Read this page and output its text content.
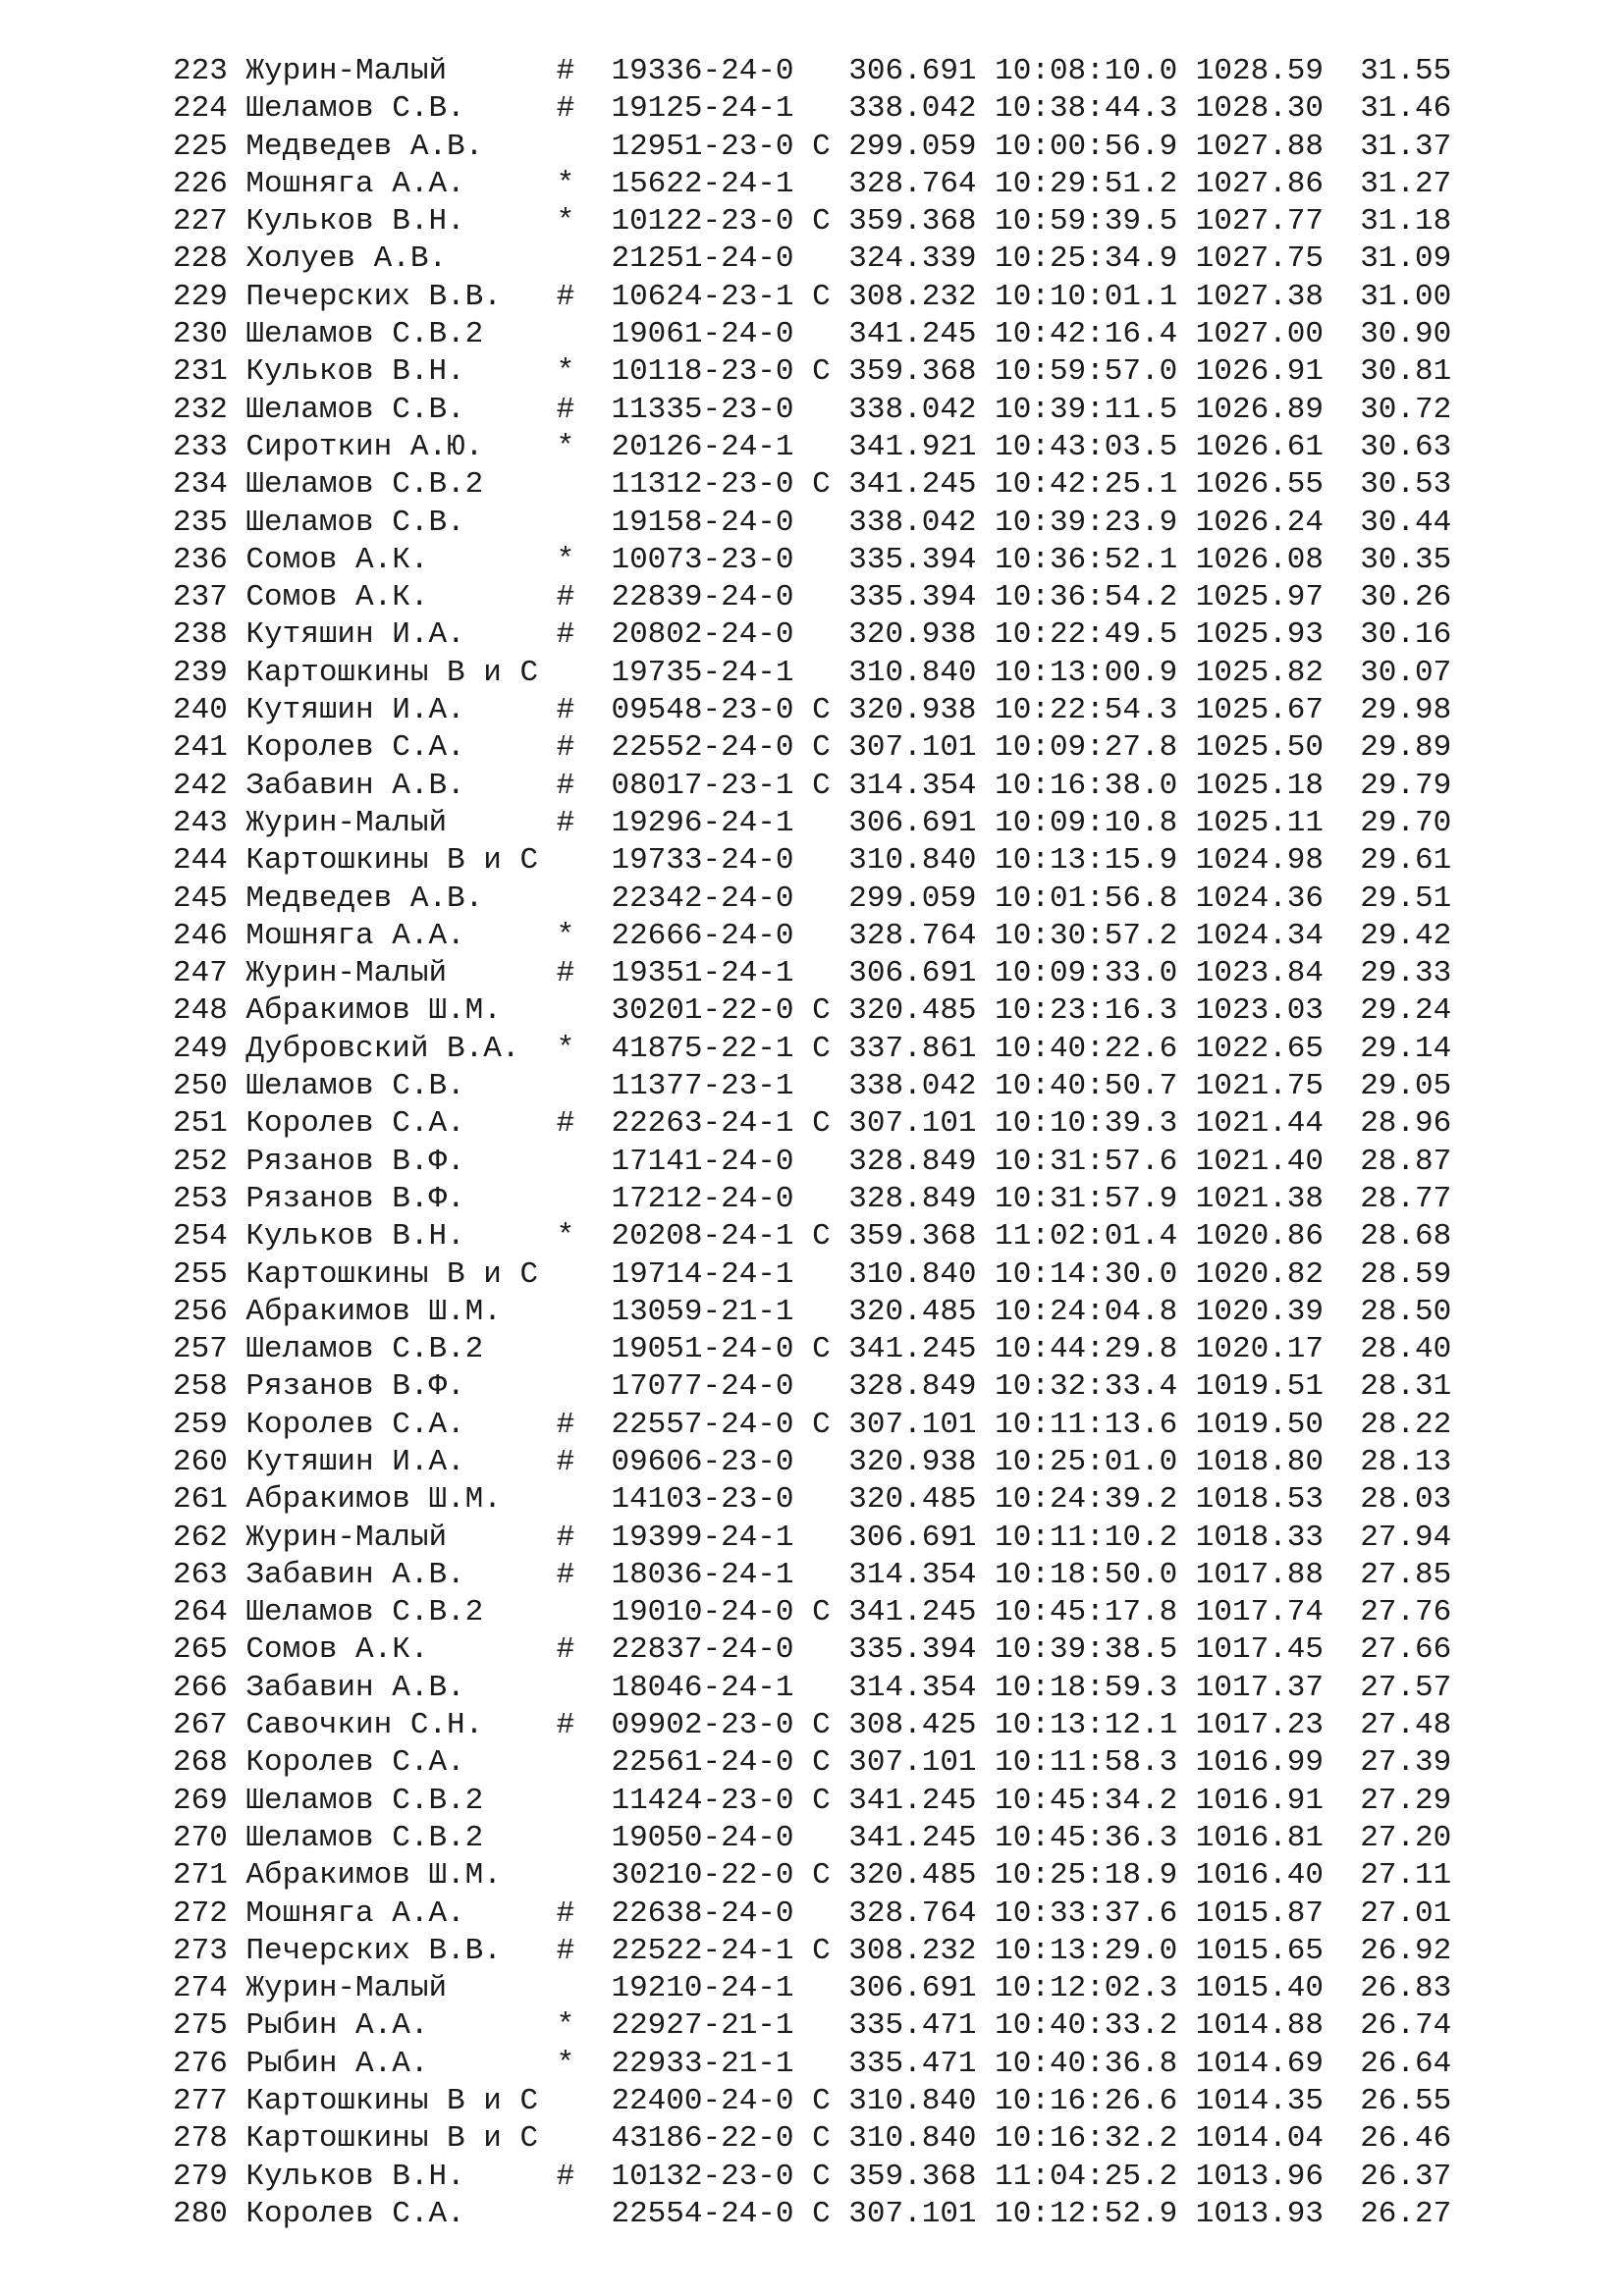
223 Журин-Малый      #  19336-24-0   306.691 10:08:10.0 1028.59  31.55
224 Шеламов С.В.     #  19125-24-1   338.042 10:38:44.3 1028.30  31.46
225 Медведев А.В.       12951-23-0 С 299.059 10:00:56.9 1027.88  31.37
226 Мошняга А.А.     *  15622-24-1   328.764 10:29:51.2 1027.86  31.27
227 Кульков В.Н.     *  10122-23-0 С 359.368 10:59:39.5 1027.77  31.18
228 Холуев А.В.         21251-24-0   324.339 10:25:34.9 1027.75  31.09
229 Печерских В.В.   #  10624-23-1 С 308.232 10:10:01.1 1027.38  31.00
230 Шеламов С.В.2       19061-24-0   341.245 10:42:16.4 1027.00  30.90
231 Кульков В.Н.     *  10118-23-0 С 359.368 10:59:57.0 1026.91  30.81
232 Шеламов С.В.     #  11335-23-0   338.042 10:39:11.5 1026.89  30.72
233 Сироткин А.Ю.    *  20126-24-1   341.921 10:43:03.5 1026.61  30.63
234 Шеламов С.В.2       11312-23-0 С 341.245 10:42:25.1 1026.55  30.53
235 Шеламов С.В.        19158-24-0   338.042 10:39:23.9 1026.24  30.44
236 Сомов А.К.       *  10073-23-0   335.394 10:36:52.1 1026.08  30.35
237 Сомов А.К.       #  22839-24-0   335.394 10:36:54.2 1025.97  30.26
238 Кутяшин И.А.     #  20802-24-0   320.938 10:22:49.5 1025.93  30.16
239 Картошкины В и С    19735-24-1   310.840 10:13:00.9 1025.82  30.07
240 Кутяшин И.А.     #  09548-23-0 С 320.938 10:22:54.3 1025.67  29.98
241 Королев С.А.     #  22552-24-0 С 307.101 10:09:27.8 1025.50  29.89
242 Забавин А.В.     #  08017-23-1 С 314.354 10:16:38.0 1025.18  29.79
243 Журин-Малый      #  19296-24-1   306.691 10:09:10.8 1025.11  29.70
244 Картошкины В и С    19733-24-0   310.840 10:13:15.9 1024.98  29.61
245 Медведев А.В.       22342-24-0   299.059 10:01:56.8 1024.36  29.51
246 Мошняга А.А.     *  22666-24-0   328.764 10:30:57.2 1024.34  29.42
247 Журин-Малый      #  19351-24-1   306.691 10:09:33.0 1023.84  29.33
248 Абракимов Ш.М.      30201-22-0 С 320.485 10:23:16.3 1023.03  29.24
249 Дубровский В.А.  *  41875-22-1 С 337.861 10:40:22.6 1022.65  29.14
250 Шеламов С.В.        11377-23-1   338.042 10:40:50.7 1021.75  29.05
251 Королев С.А.     #  22263-24-1 С 307.101 10:10:39.3 1021.44  28.96
252 Рязанов В.Ф.        17141-24-0   328.849 10:31:57.6 1021.40  28.87
253 Рязанов В.Ф.        17212-24-0   328.849 10:31:57.9 1021.38  28.77
254 Кульков В.Н.     *  20208-24-1 С 359.368 11:02:01.4 1020.86  28.68
255 Картошкины В и С    19714-24-1   310.840 10:14:30.0 1020.82  28.59
256 Абракимов Ш.М.      13059-21-1   320.485 10:24:04.8 1020.39  28.50
257 Шеламов С.В.2       19051-24-0 С 341.245 10:44:29.8 1020.17  28.40
258 Рязанов В.Ф.        17077-24-0   328.849 10:32:33.4 1019.51  28.31
259 Королев С.А.     #  22557-24-0 С 307.101 10:11:13.6 1019.50  28.22
260 Кутяшин И.А.     #  09606-23-0   320.938 10:25:01.0 1018.80  28.13
261 Абракимов Ш.М.      14103-23-0   320.485 10:24:39.2 1018.53  28.03
262 Журин-Малый      #  19399-24-1   306.691 10:11:10.2 1018.33  27.94
263 Забавин А.В.     #  18036-24-1   314.354 10:18:50.0 1017.88  27.85
264 Шеламов С.В.2       19010-24-0 С 341.245 10:45:17.8 1017.74  27.76
265 Сомов А.К.       #  22837-24-0   335.394 10:39:38.5 1017.45  27.66
266 Забавин А.В.        18046-24-1   314.354 10:18:59.3 1017.37  27.57
267 Савочкин С.Н.    #  09902-23-0 С 308.425 10:13:12.1 1017.23  27.48
268 Королев С.А.        22561-24-0 С 307.101 10:11:58.3 1016.99  27.39
269 Шеламов С.В.2       11424-23-0 С 341.245 10:45:34.2 1016.91  27.29
270 Шеламов С.В.2       19050-24-0   341.245 10:45:36.3 1016.81  27.20
271 Абракимов Ш.М.      30210-22-0 С 320.485 10:25:18.9 1016.40  27.11
272 Мошняга А.А.     #  22638-24-0   328.764 10:33:37.6 1015.87  27.01
273 Печерских В.В.   #  22522-24-1 С 308.232 10:13:29.0 1015.65  26.92
274 Журин-Малый         19210-24-1   306.691 10:12:02.3 1015.40  26.83
275 Рыбин А.А.       *  22927-21-1   335.471 10:40:33.2 1014.88  26.74
276 Рыбин А.А.       *  22933-21-1   335.471 10:40:36.8 1014.69  26.64
277 Картошкины В и С    22400-24-0 С 310.840 10:16:26.6 1014.35  26.55
278 Картошкины В и С    43186-22-0 С 310.840 10:16:32.2 1014.04  26.46
279 Кульков В.Н.     #  10132-23-0 С 359.368 11:04:25.2 1013.96  26.37
280 Королев С.А.        22554-24-0 С 307.101 10:12:52.9 1013.93  26.27
